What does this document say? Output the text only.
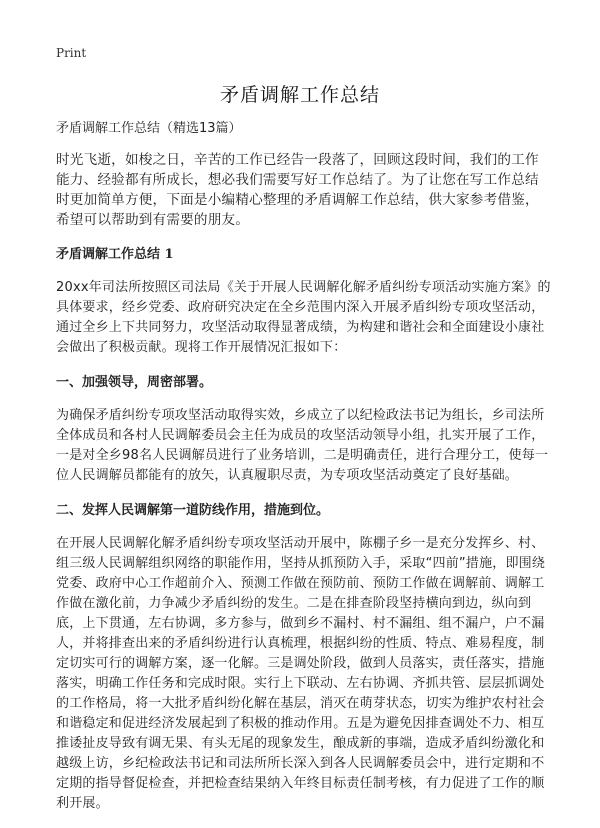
Print
矛盾调解工作总结
矛盾调解工作总结（精选13篇）

时光飞逝，如梭之日，辛苦的工作已经告一段落了，回顾这段时间，我们的工作能力、经验都有所成长，想必我们需要写好工作总结了。为了让您在写工作总结时更加简单方便，下面是小编精心整理的矛盾调解工作总结，供大家参考借鉴，希望可以帮助到有需要的朋友。

矛盾调解工作总结 1

20xx年司法所按照区司法局《关于开展人民调解化解矛盾纠纷专项活动实施方案》的具体要求，经乡党委、政府研究决定在全乡范围内深入开展矛盾纠纷专项攻坚活动，通过全乡上下共同努力，攻坚活动取得显著成绩，为构建和谐社会和全面建设小康社会做出了积极贡献。现将工作开展情况汇报如下：

一、加强领导，周密部署。

为确保矛盾纠纷专项攻坚活动取得实效，乡成立了以纪检政法书记为组长，乡司法所全体成员和各村人民调解委员会主任为成员的攻坚活动领导小组，扎实开展了工作，一是对全乡98名人民调解员进行了业务培训，二是明确责任，进行合理分工，使每一位人民调解员都能有的放矢，认真履职尽责，为专项攻坚活动奠定了良好基础。

二、发挥人民调解第一道防线作用，措施到位。

在开展人民调解化解矛盾纠纷专项攻坚活动开展中，陈棚子乡一是充分发挥乡、村、组三级人民调解组织网络的职能作用，坚持从抓预防入手，采取“四前”措施，即围绕党委、政府中心工作超前介入、预测工作做在预防前、预防工作做在调解前、调解工作做在激化前，力争减少矛盾纠纷的发生。二是在排查阶段坚持横向到边，纵向到底，上下贯通，左右协调，多方参与，做到乡不漏村、村不漏组、组不漏户，户不漏人，并将排查出来的矛盾纠纷进行认真梳理，根据纠纷的性质、特点、难易程度，制定切实可行的调解方案，逐一化解。三是调处阶段，做到人员落实，责任落实，措施落实，明确工作任务和完成时限。实行上下联动、左右协调、齐抓共管、层层抓调处的工作格局，将一大批矛盾纠纷化解在基层，消灭在萌芽状态，切实为维护农村社会和谐稳定和促进经济发展起到了积极的推动作用。五是为避免因排查调处不力、相互推诿扯皮导致有调无果、有头无尾的现象发生，酿成新的事端，造成矛盾纠纷激化和越级上访，乡纪检政法书记和司法所所长深入到各人民调解委员会中，进行定期和不定期的指导督促检查，并把检查结果纳入年终目标责任制考核，有力促进了工作的顺利开展。
